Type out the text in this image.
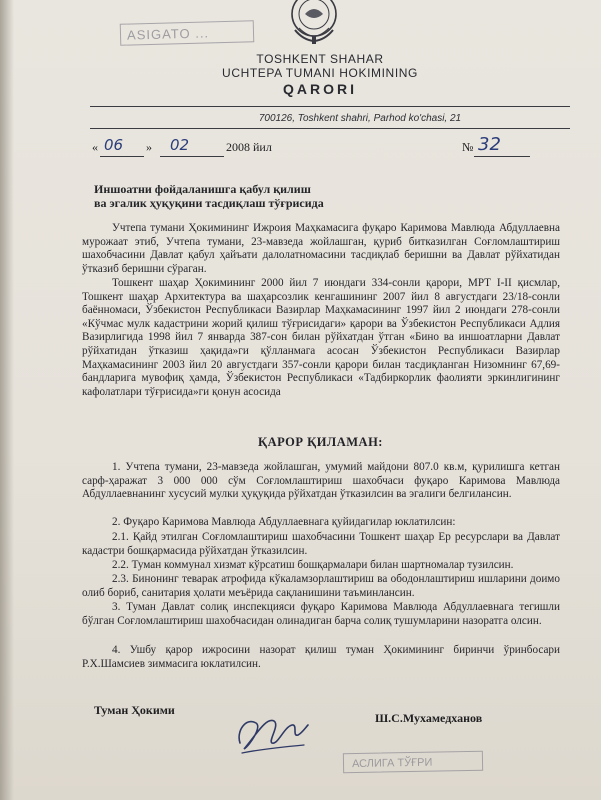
ASIGATO ...
TOSHKENT SHAHAR
UCHTEPA TUMANI HOKIMINING
QARORI
700126, Toshkent shahri, Parhod ko'chasi, 21
« 06 » 02	2008 йил	№ 32
Иншоатни фойдаланишга қабул қилиш
ва эгалик ҳуқуқини тасдиқлаш тўғрисида

Учтепа тумани Ҳокимининг Ижроия Маҳкамасига фуқаро Каримова Мавлюда Абдуллаевна мурожаат этиб, Учтепа тумани, 23-мавзеда жойлашган, қуриб битказилган Соғломлаштириш шахобчасини Давлат қабул ҳайъати далолатномасини тасдиқлаб беришни ва Давлат рўйхатидан ўтказиб беришни сўраган.

Тошкент шаҳар Ҳокимининг 2000 йил 7 июндаги 334-сонли қарори, МРТ I-II қисмлар, Тошкент шаҳар Архитектура ва шаҳарсозлик кенгашининг 2007 йил 8 августдаги 23/18-сонли баённомаси, Ўзбекистон Республикаси Вазирлар Маҳкамасининг 1997 йил 2 июндаги 278-сонли «Кўчмас мулк кадастрини жорий қилиш тўғрисидаги» қарори ва Ўзбекистон Республикаси Адлия Вазирлигида 1998 йил 7 январда 387-сон билан рўйхатдан ўтган «Бино ва иншоатларни Давлат рўйхатидан ўтказиш ҳақида»ги қўлланмага асосан Ўзбекистон Республикаси Вазирлар Маҳкамасининг 2003 йил 20 августдаги 357-сонли қарори билан тасдиқланган Низомнинг 67,69-бандларига мувофиқ ҳамда, Ўзбекистон Республикаси «Тадбиркорлик фаолияти эркинлигининг кафолатлари тўғрисида»ги қонун асосида

ҚАРОР ҚИЛАМАН:

1. Учтепа тумани, 23-мавзеда жойлашган, умумий майдони 807.0 кв.м, қурилишга кетган сарф-ҳаражат 3 000 000 сўм Соғломлаштириш шахобчаси фуқаро Каримова Мавлюда Абдуллаевнанинг хусусий мулки ҳуқуқида рўйхатдан ўтказилсин ва эгалиги белгилансин.

2. Фуқаро Каримова Мавлюда Абдуллаевнага қуйидагилар юклатилсин:

2.1. Қайд этилган Соғломлаштириш шахобчасини Тошкент шаҳар Ер ресурслари ва Давлат кадастри бошқармасида рўйхатдан ўтказилсин.

2.2. Туман коммунал хизмат кўрсатиш бошқармалари билан шартномалар тузилсин.

2.3. Бинонинг теварак атрофида кўкаламзорлаштириш ва ободонлаштириш ишларини доимо олиб бориб, санитария ҳолати меъёрида сақланишини таъминлансин.

3. Туман Давлат солиқ инспекцияси фуқаро Каримова Мавлюда Абдуллаевнага тегишли бўлган Соғломлаштириш шахобчасидан олинадиган барча солиқ тушумларини назоратга олсин.

4. Ушбу қарор ижросини назорат қилиш туман Ҳокимининг биринчи ўринбосари Р.Х.Шамсиев зиммасига юклатилсин.

Туман Ҳокими
Ш.С.Мухамедханов
АСЛИГА ТЎҒРИ
